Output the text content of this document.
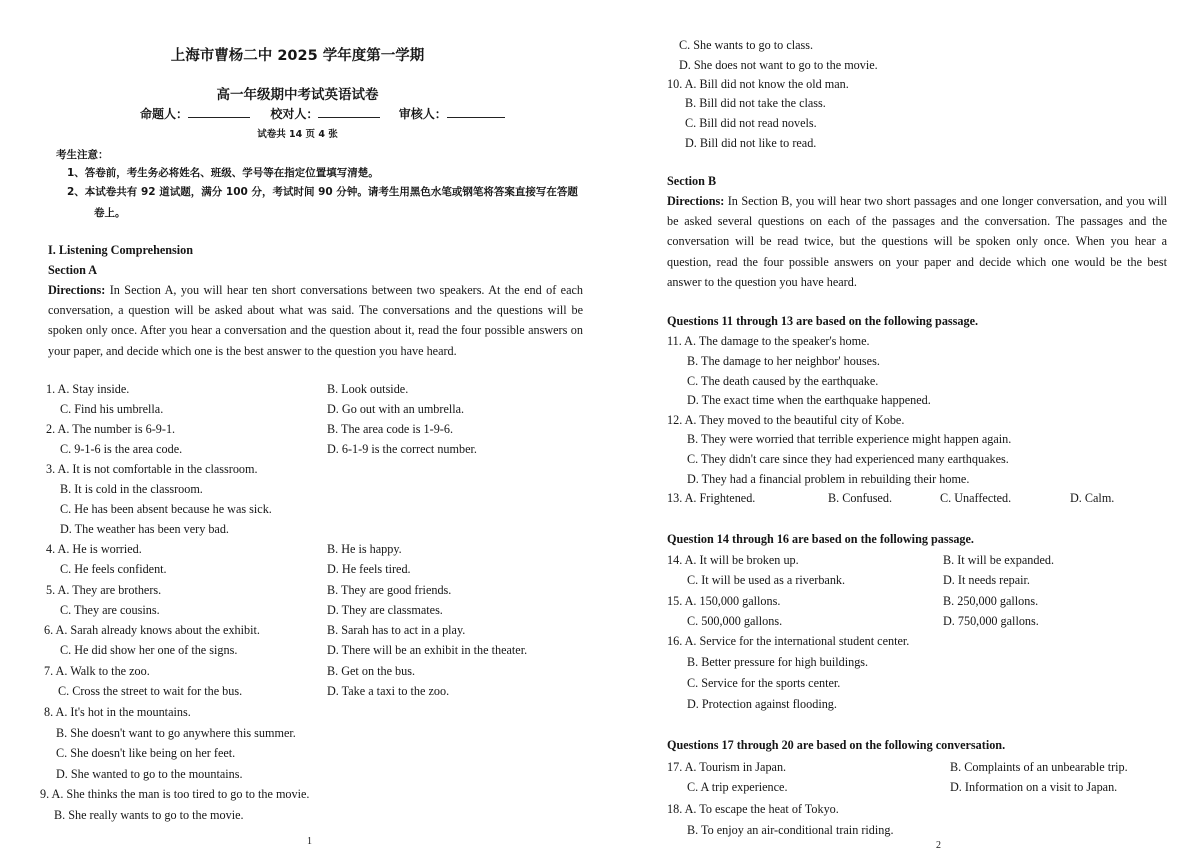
上海市曹杨二中 2025 学年度第一学期
高一年级期中考试英语试卷
命题人：	校对人：	审核人：
试卷共 14 页 4 张
考生注意：
1、答卷前，考生务必将姓名、班级、学号等在指定位置填写清楚。
2、本试卷共有 92 道试题，满分 100 分，考试时间 90 分钟。请考生用黑色水笔或钢笔将答案直接写在答题
卷上。
I. Listening Comprehension
Section A
Directions: In Section A, you will hear ten short conversations between two speakers. At the end of each conversation, a question will be asked about what was said. The conversations and the questions will be spoken only once. After you hear a conversation and the question about it, read the four possible answers on your paper, and decide which one is the best answer to the question you have heard.
1. A. Stay inside.	B. Look outside.
C. Find his umbrella.	D. Go out with an umbrella.
2. A. The number is 6-9-1.	B. The area code is 1-9-6.
C. 9-1-6 is the area code.	D. 6-1-9 is the correct number.
3. A. It is not comfortable in the classroom.
B. It is cold in the classroom.
C. He has been absent because he was sick.
D. The weather has been very bad.
4. A. He is worried.	B. He is happy.
C. He feels confident.	D. He feels tired.
5. A. They are brothers.	B. They are good friends.
C. They are cousins.	D. They are classmates.
6. A. Sarah already knows about the exhibit.	B. Sarah has to act in a play.
C. He did show her one of the signs.	D. There will be an exhibit in the theater.
7. A. Walk to the zoo.	B. Get on the bus.
C. Cross the street to wait for the bus.	D. Take a taxi to the zoo.
8. A. It's hot in the mountains.
B. She doesn't want to go anywhere this summer.
C. She doesn't like being on her feet.
D. She wanted to go to the mountains.
9. A. She thinks the man is too tired to go to the movie.
B. She really wants to go to the movie.
1
C. She wants to go to class.
D. She does not want to go to the movie.
10. A. Bill did not know the old man.
B. Bill did not take the class.
C. Bill did not read novels.
D. Bill did not like to read.
Section B
Directions: In Section B, you will hear two short passages and one longer conversation, and you will be asked several questions on each of the passages and the conversation. The passages and the conversation will be read twice, but the questions will be spoken only once. When you hear a question, read the four possible answers on your paper and decide which one would be the best answer to the question you have heard.
Questions 11 through 13 are based on the following passage.
11. A. The damage to the speaker's home.
B. The damage to her neighbor' houses.
C. The death caused by the earthquake.
D. The exact time when the earthquake happened.
12. A. They moved to the beautiful city of Kobe.
B. They were worried that terrible experience might happen again.
C. They didn't care since they had experienced many earthquakes.
D. They had a financial problem in rebuilding their home.
13. A. Frightened.	B. Confused.	C. Unaffected.	D. Calm.
Question 14 through 16 are based on the following passage.
14. A. It will be broken up.	B. It will be expanded.
C. It will be used as a riverbank.	D. It needs repair.
15. A. 150,000 gallons.	B. 250,000 gallons.
C. 500,000 gallons.	D. 750,000 gallons.
16. A. Service for the international student center.
B. Better pressure for high buildings.
C. Service for the sports center.
D. Protection against flooding.
Questions 17 through 20 are based on the following conversation.
17. A. Tourism in Japan.	B. Complaints of an unbearable trip.
C. A trip experience.	D. Information on a visit to Japan.
18. A. To escape the heat of Tokyo.
B. To enjoy an air-conditional train riding.
2
